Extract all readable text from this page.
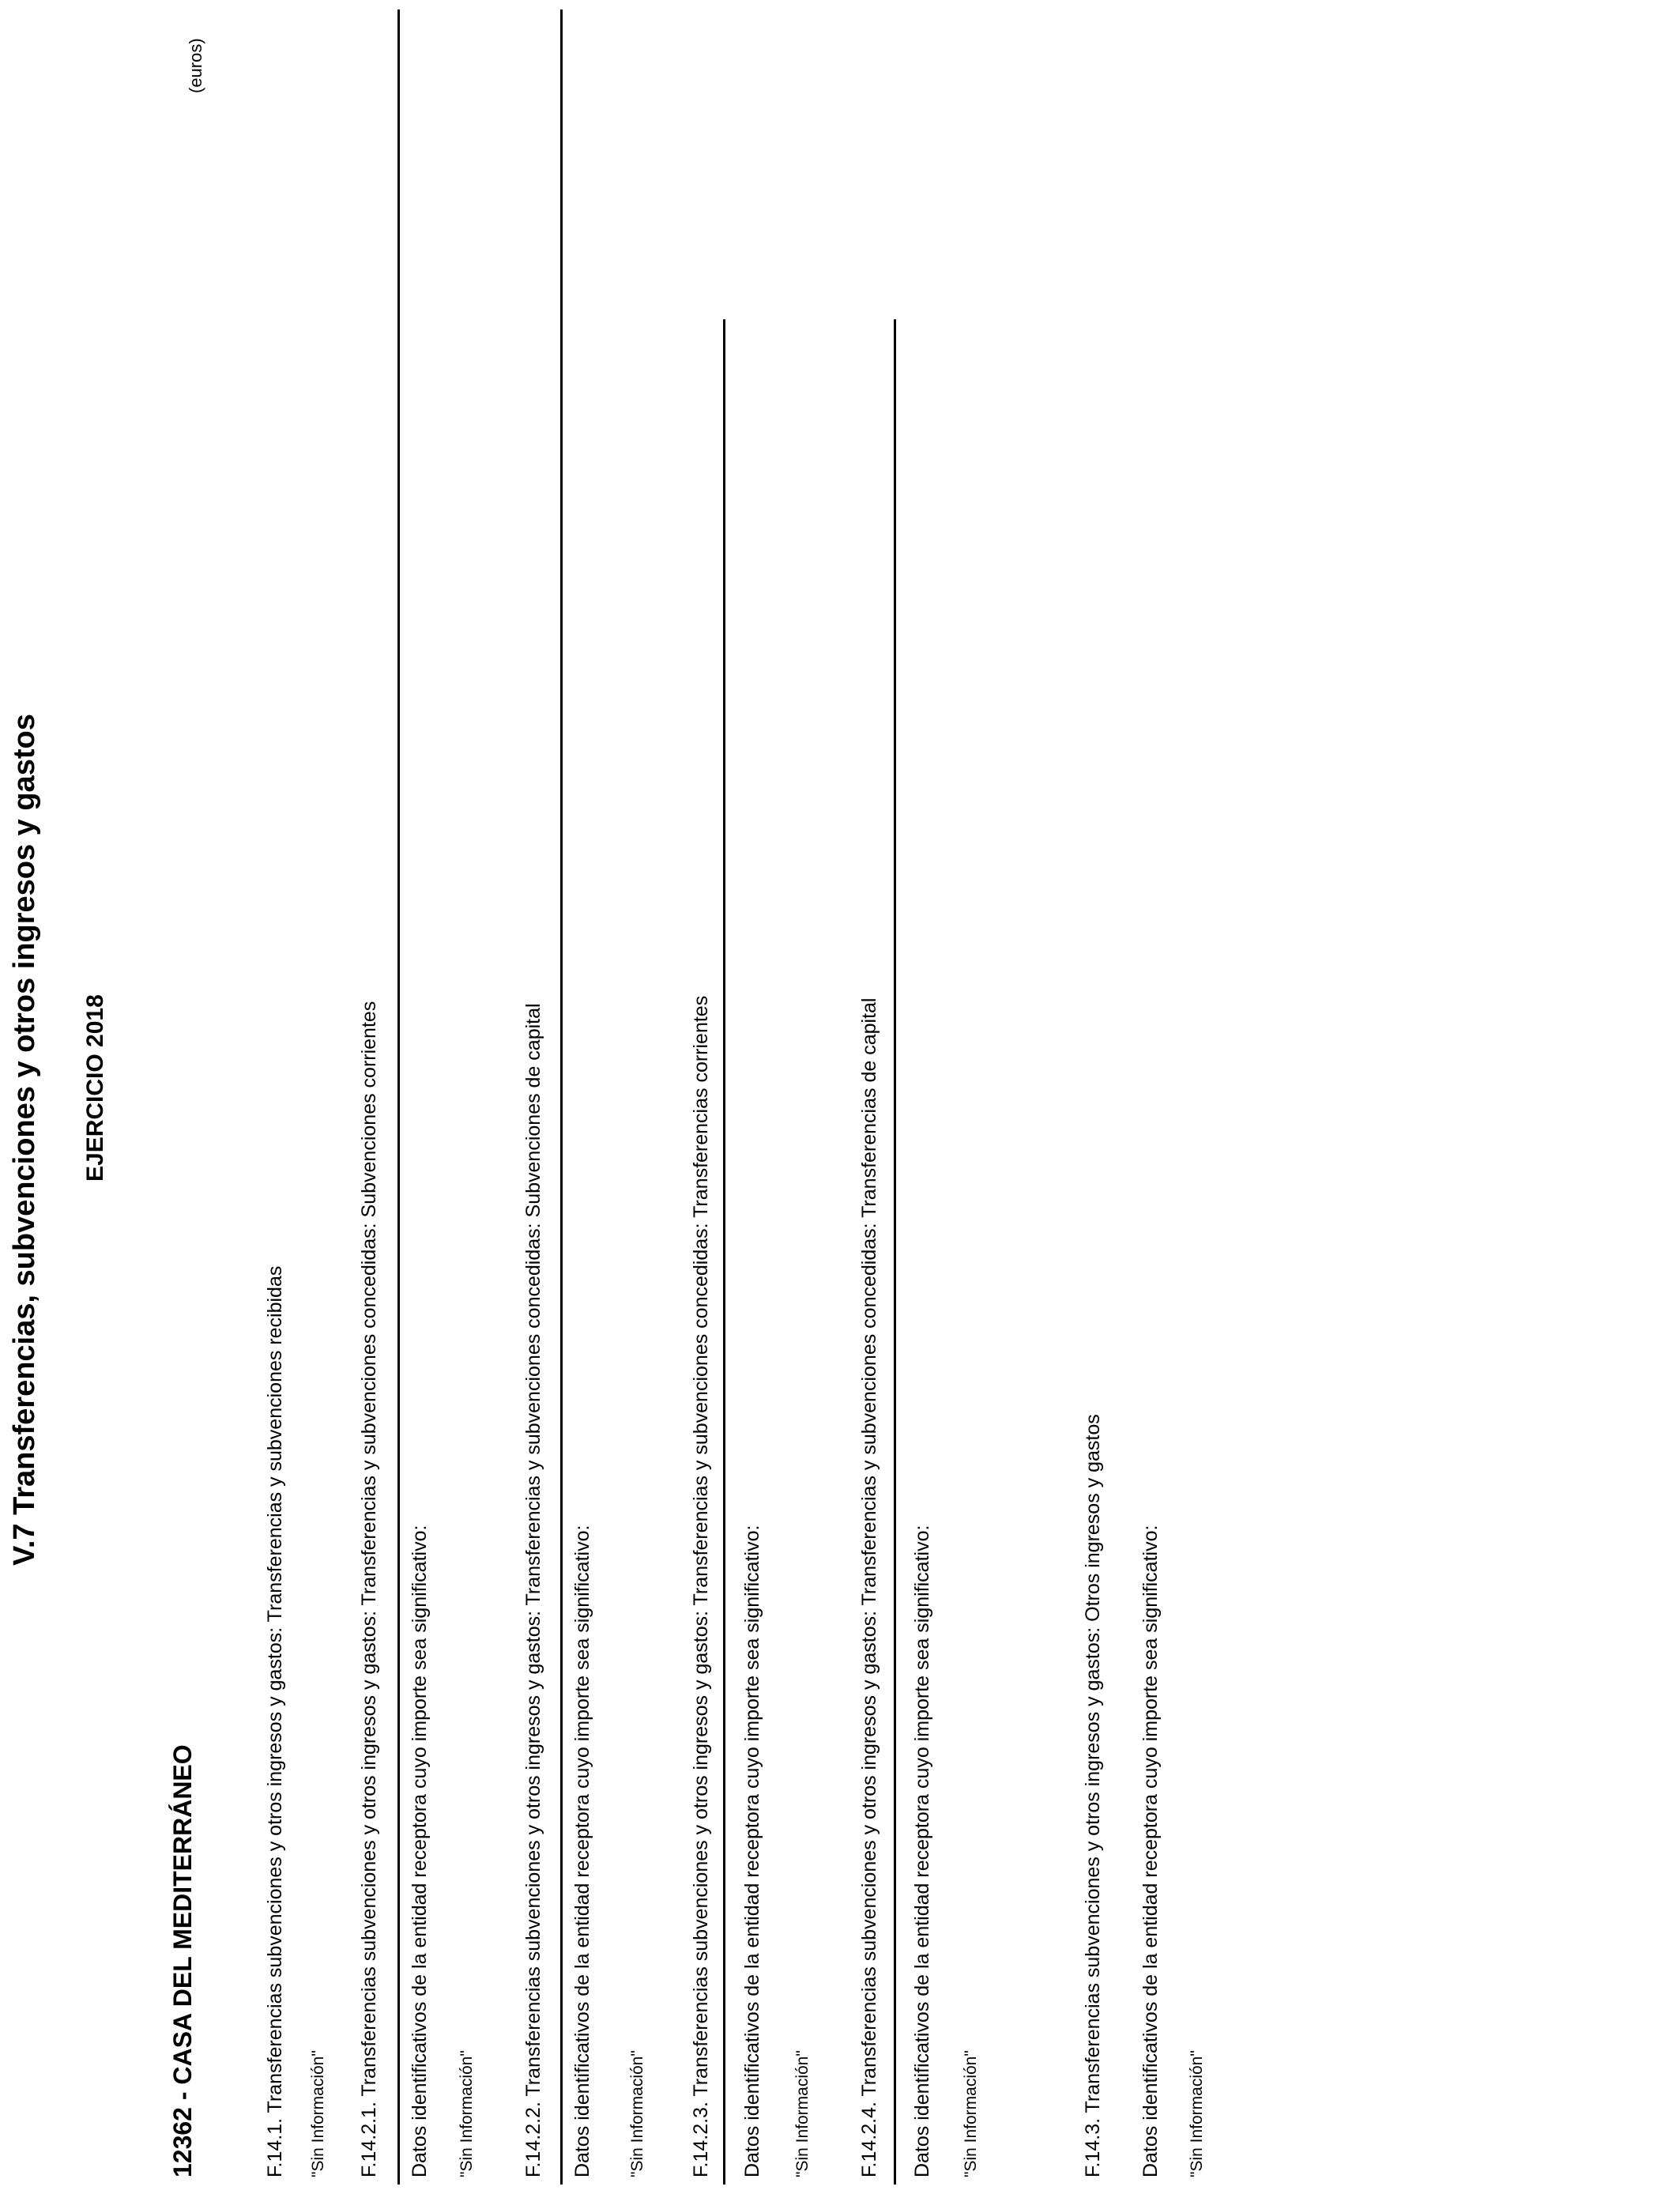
V.7 Transferencias, subvenciones y otros ingresos y gastos EJERCICIO 2018
(euros)
12362 - CASA DEL MEDITERRÁNEO	F.14.1. Transferencias subvenciones y otros ingresos y gastos: Transferencias y subvenciones recibidas "Sin Información" F.14.2.1. Transferencias subvenciones y otros ingresos y gastos: Transferencias y subvenciones concedidas: Subvenciones corrientes Datos identificativos de la entidad receptora cuyo importe sea significativo: "Sin Información" F.14.2.2. Transferencias subvenciones y otros ingresos y gastos: Transferencias y subvenciones concedidas: Subvenciones de capital Datos identificativos de la entidad receptora cuyo importe sea significativo: "Sin Información" F.14.2.3. Transferencias subvenciones y otros ingresos y gastos: Transferencias y subvenciones concedidas: Transferencias corrientes Datos identificativos de la entidad receptora cuyo importe sea significativo: "Sin Información" F.14.2.4. Transferencias subvenciones y otros ingresos y gastos: Transferencias y subvenciones concedidas: Transferencias de capital Datos identificativos de la entidad receptora cuyo importe sea significativo: "Sin Información"	F.14.3. Transferencias subvenciones y otros ingresos y gastos: Otros ingresos y gastos Datos identificativos de la entidad receptora cuyo importe sea significativo: "Sin Información"
